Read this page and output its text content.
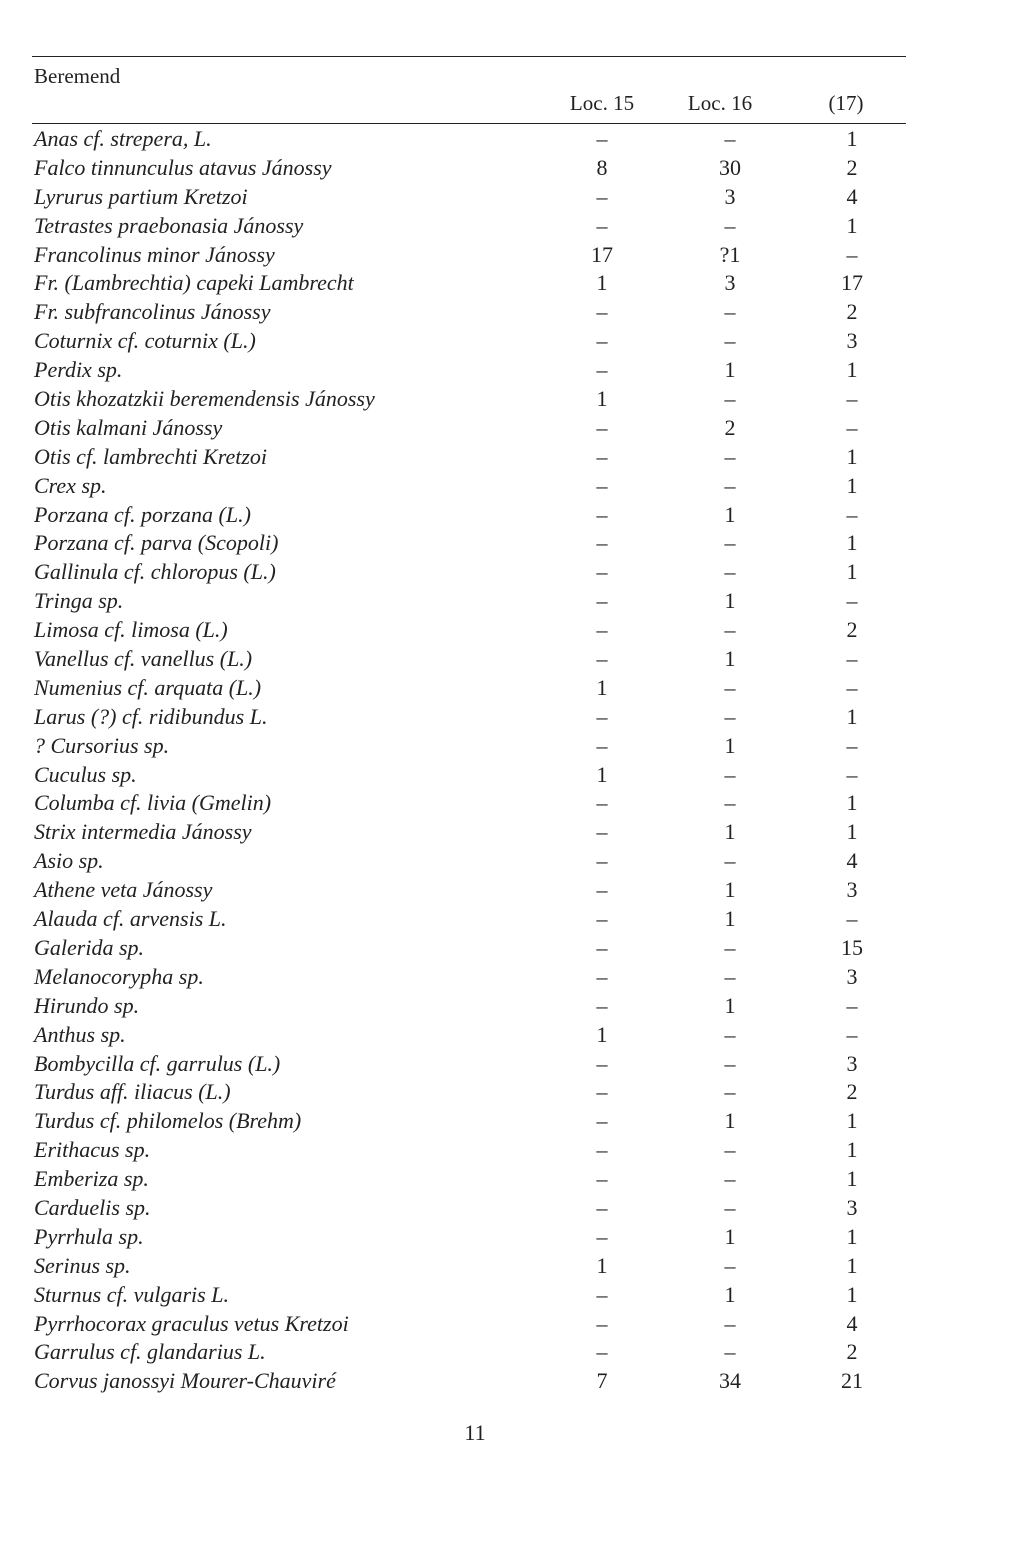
Beremend
Loc. 15	Loc. 16	(17)
Anas cf. strepera, L.	–	–	1
Falco tinnunculus atavus Jánossy	8	30	2
Lyrurus partium Kretzoi	–	3	4
Tetrastes praebonasia Jánossy	–	–	1
Francolinus minor Jánossy	17	?1	–
Fr. (Lambrechtia) capeki Lambrecht	1	3	17
Fr. subfrancolinus Jánossy	–	–	2
Coturnix cf. coturnix (L.)	–	–	3
Perdix sp.	–	1	1
Otis khozatzkii beremendensis Jánossy	1	–	–
Otis kalmani Jánossy	–	2	–
Otis cf. lambrechti Kretzoi	–	–	1
Crex sp.	–	–	1
Porzana cf. porzana (L.)	–	1	–
Porzana cf. parva (Scopoli)	–	–	1
Gallinula cf. chloropus (L.)	–	–	1
Tringa sp.	–	1	–
Limosa cf. limosa (L.)	–	–	2
Vanellus cf. vanellus (L.)	–	1	–
Numenius cf. arquata (L.)	1	–	–
Larus (?) cf. ridibundus L.	–	–	1
? Cursorius sp.	–	1	–
Cuculus sp.	1	–	–
Columba cf. livia (Gmelin)	–	–	1
Strix intermedia Jánossy	–	1	1
Asio sp.	–	–	4
Athene veta Jánossy	–	1	3
Alauda cf. arvensis L.	–	1	–
Galerida sp.	–	–	15
Melanocorypha sp.	–	–	3
Hirundo sp.	–	1	–
Anthus sp.	1	–	–
Bombycilla cf. garrulus (L.)	–	–	3
Turdus aff. iliacus (L.)	–	–	2
Turdus cf. philomelos (Brehm)	–	1	1
Erithacus sp.	–	–	1
Emberiza sp.	–	–	1
Carduelis sp.	–	–	3
Pyrrhula sp.	–	1	1
Serinus sp.	1	–	1
Sturnus cf. vulgaris L.	–	1	1
Pyrrhocorax graculus vetus Kretzoi	–	–	4
Garrulus cf. glandarius L.	–	–	2
Corvus janossyi Mourer-Chauviré	7	34	21
11
